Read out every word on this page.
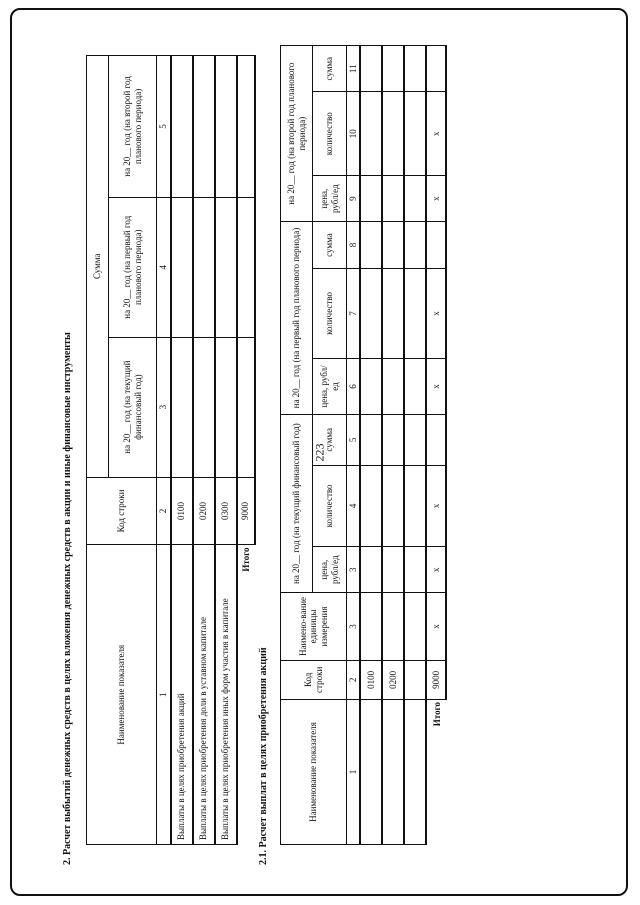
223
2. Расчет выбытий денежных средств в целях вложения денежных средств в акции и иные финансовые инструменты	Наименование показателя	Код строки	Сумма		
		на 20__ год (на текущий финансовый год)	на 20__ год (на первый год планового периода)	на 20__ год (на второй год планового периода)
1	2	3	4	5
Выплаты в целях приобретения акций	0100			
Выплаты в целях приобретения доли в уставном капитале	0200			
Выплаты в целях приобретения иных форм участия в капитале	0300			
Итого	9000			
2.1. Расчет выплат в целях приобретения акций	Наименование показателя	Код строки	Наимено-вание единицы измерения	на 20__ год (на текущий финансовый год)			на 20__ год (на первый год планового периода)			на 20__ год (на второй год планового периода)		
			цена, рубл/ед	количество	сумма	цена, рубл/ед	количество	сумма	цена, рубл/ед	количество	сумма
1	2	3	3	4	5	6	7	8	9	10	11
	0100										
	0200										

Итого	9000	x	x	x		x	x		x	x	
